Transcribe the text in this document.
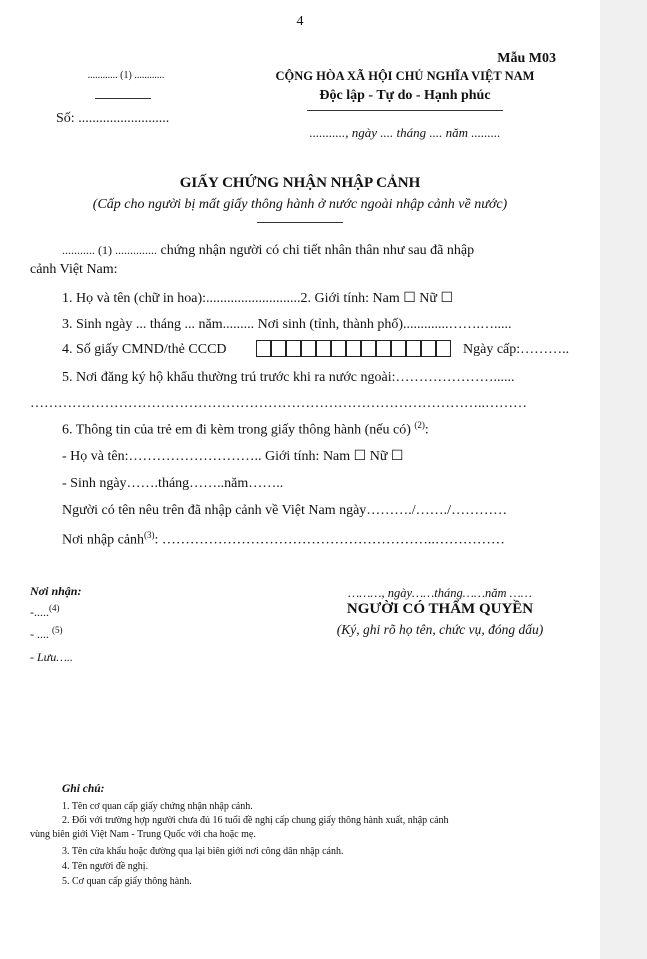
4
Mẫu M03
............ (1) ............
Số: ..........................
CỘNG HÒA XÃ HỘI CHỦ NGHĨA VIỆT NAM
Độc lập - Tự do - Hạnh phúc
..........., ngày .... tháng .... năm .........
GIẤY CHỨNG NHẬN NHẬP CẢNH
(Cấp cho người bị mất giấy thông hành ở nước ngoài nhập cảnh về nước)
........... (1) .............. chứng nhận người có chi tiết nhân thân như sau đã nhập
cảnh Việt Nam:
1. Họ và tên (chữ in hoa):...........................2. Giới tính: Nam ☐ Nữ ☐
3. Sinh ngày ... tháng ... năm......... Nơi sinh (tỉnh, thành phố).............…….….....
4. Số giấy CMND/thẻ CCCD	Ngày cấp:………..
5. Nơi đăng ký hộ khẩu thường trú trước khi ra nước ngoài:…………………......
……………………………………………………………………………………..………
6. Thông tin của trẻ em đi kèm trong giấy thông hành (nếu có) $^{(2)}$:
- Họ và tên:……………………….. Giới tính: Nam ☐ Nữ ☐
- Sinh ngày…….tháng……..năm……..
Người có tên nêu trên đã nhập cảnh về Việt Nam ngày………./……./…………
Nơi nhập cảnh$^{(3)}$: …………………………………………………..……………
………, ngày……tháng……năm ……
NGƯỜI CÓ THẨM QUYỀN
(Ký, ghi rõ họ tên, chức vụ, đóng dấu)
Nơi nhận:
-.....$^{(4)}$
- .... $^{(5)}$
- Lưu…..
Ghi chú:
1. Tên cơ quan cấp giấy chứng nhận nhập cảnh.
2. Đối với trường hợp người chưa đủ 16 tuổi đề nghị cấp chung giấy thông hành xuất, nhập cảnh
vùng biên giới Việt Nam - Trung Quốc với cha hoặc mẹ.
3. Tên cửa khẩu hoặc đường qua lại biên giới nơi công dân nhập cảnh.
4. Tên người đề nghị.
5. Cơ quan cấp giấy thông hành.
